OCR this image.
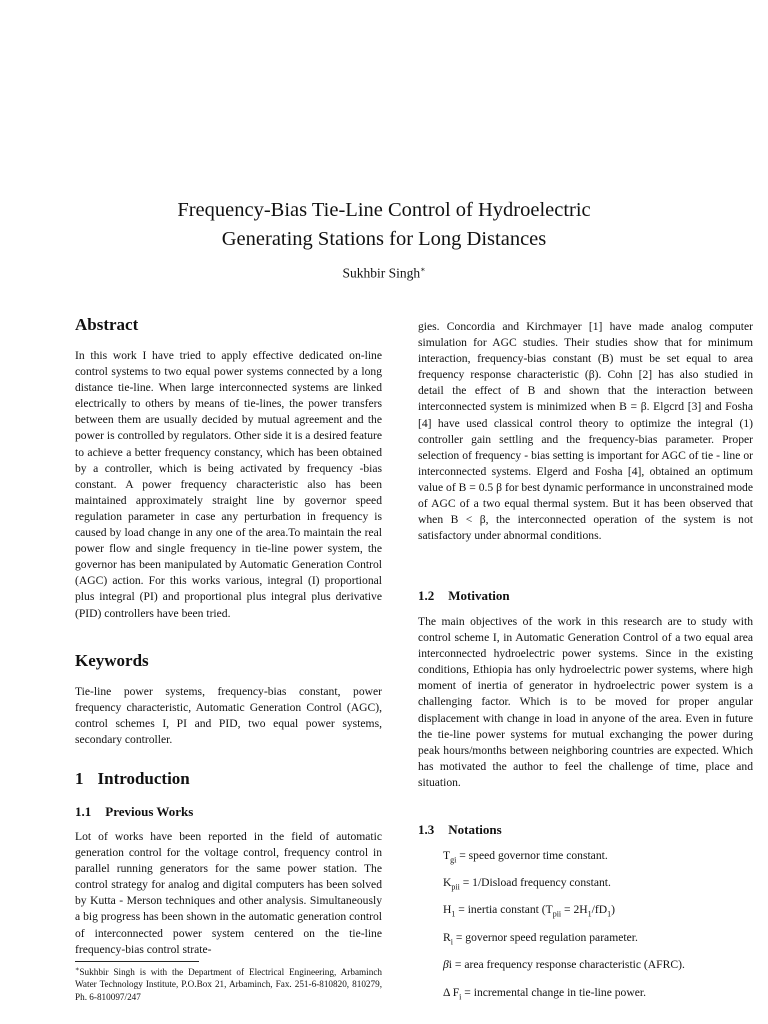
Frequency-Bias Tie-Line Control of Hydroelectric
Generating Stations for Long Distances
Sukhbir Singh∗
Abstract

In this work I have tried to apply effective dedicated on-line control systems to two equal power systems connected by a long distance tie-line. When large interconnected systems are linked electrically to others by means of tie-lines, the power transfers between them are usually decided by mutual agreement and the power is controlled by regulators. Other side it is a desired feature to achieve a better frequency constancy, which has been obtained by a controller, which is being activated by frequency -bias constant. A power frequency characteristic also has been maintained approximately straight line by governor speed regulation parameter in case any perturbation in frequency is caused by load change in any one of the area.To maintain the real power flow and single frequency in tie-line power system, the governor has been manipulated by Automatic Generation Control (AGC) action. For this works various, integral (I) proportional plus integral (PI) and proportional plus integral plus derivative (PID) controllers have been tried.

Keywords

Tie-line power systems, frequency-bias constant, power frequency characteristic, Automatic Generation Control (AGC), control schemes I, PI and PID, two equal power systems, secondary controller.

1 Introduction
1.1 Previous Works

Lot of works have been reported in the field of automatic generation control for the voltage control, frequency control in parallel running generators for the same power station. The control strategy for analog and digital computers has been solved by Kutta - Merson techniques and other analysis. Simultaneously a big progress has been shown in the automatic generation control of interconnected power system centered on the tie-line frequency-bias control strate-

∗Sukhbir Singh is with the Department of Electrical Engineering, Arbaminch Water Technology Institute, P.O.Box 21, Arbaminch, Fax. 251-6-810820, 810279, Ph. 6-810097/247

gies. Concordia and Kirchmayer [1] have made analog computer simulation for AGC studies. Their studies show that for minimum interaction, frequency-bias constant (B) must be set equal to area frequency response characteristic (β). Cohn [2] has also studied in detail the effect of B and shown that the interaction between interconnected system is minimized when B = β. Elgcrd [3] and Fosha [4] have used classical control theory to optimize the integral (1) controller gain settling and the frequency-bias parameter. Proper selection of frequency - bias setting is important for AGC of tie - line or interconnected systems. Elgerd and Fosha [4], obtained an optimum value of B = 0.5 β for best dynamic performance in unconstrained mode of AGC of a two equal thermal system. But it has been observed that when B < β, the interconnected operation of the system is not satisfactory under abnormal conditions.

1.2 Motivation

The main objectives of the work in this research are to study with control scheme I, in Automatic Generation Control of a two equal area interconnected hydroelectric power systems. Since in the existing conditions, Ethiopia has only hydroelectric power systems, where high moment of inertia of generator in hydroelectric power system is a challenging factor. Which is to be moved for proper angular displacement with change in load in anyone of the area. Even in future the tie-line power systems for mutual exchanging the power during peak hours/months between neighboring countries are expected. Which has motivated the author to feel the challenge of time, place and situation.

1.3 Notations
$T_{gi}$ = speed governor time constant.
$K_{pii}$ = 1/Disload frequency constant.
$H_1$ = inertia constant $(T_{pii} = 2H_1/fD_1)$
$R_i$ = governor speed regulation parameter.
βi = area frequency response characteristic (AFRC).
Δ $F_i$ = incremental change in tie-line power.
